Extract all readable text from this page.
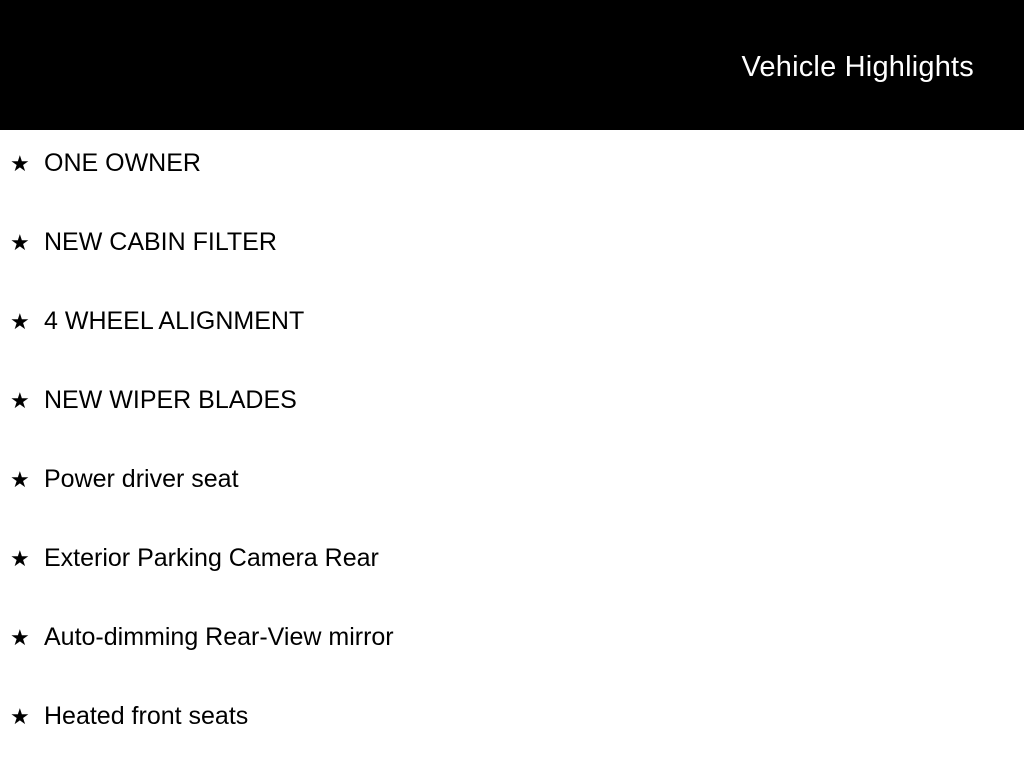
Vehicle Highlights
★ ONE OWNER
★ NEW CABIN FILTER
★ 4 WHEEL ALIGNMENT
★ NEW WIPER BLADES
★ Power driver seat
★ Exterior Parking Camera Rear
★ Auto-dimming Rear-View mirror
★ Heated front seats
